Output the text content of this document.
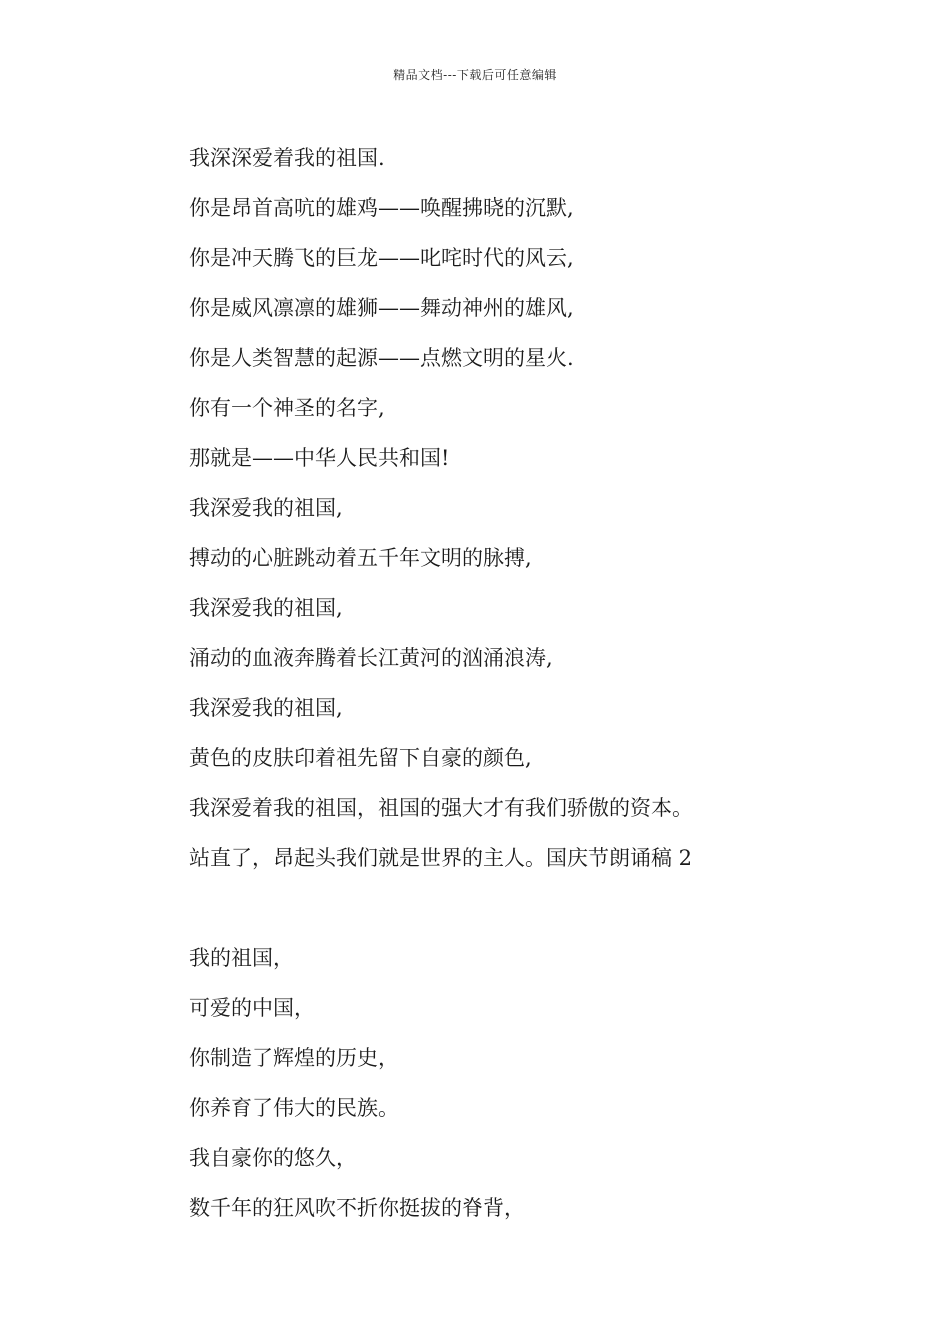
精品文档---下载后可任意编辑
我深深爱着我的祖国.
你是昂首高吭的雄鸡——唤醒拂晓的沉默,
你是冲天腾飞的巨龙——叱咤时代的风云,
你是威风凛凛的雄狮——舞动神州的雄风,
你是人类智慧的起源——点燃文明的星火.
你有一个神圣的名字,
那就是——中华人民共和国!
我深爱我的祖国,
搏动的心脏跳动着五千年文明的脉搏,
我深爱我的祖国,
涌动的血液奔腾着长江黄河的汹涌浪涛,
我深爱我的祖国,
黄色的皮肤印着祖先留下自豪的颜色,
我深爱着我的祖国，祖国的强大才有我们骄傲的资本。
站直了，昂起头我们就是世界的主人。国庆节朗诵稿 2
我的祖国，
可爱的中国，
你制造了辉煌的历史，
你养育了伟大的民族。
我自豪你的悠久，
数千年的狂风吹不折你挺拔的脊背，
